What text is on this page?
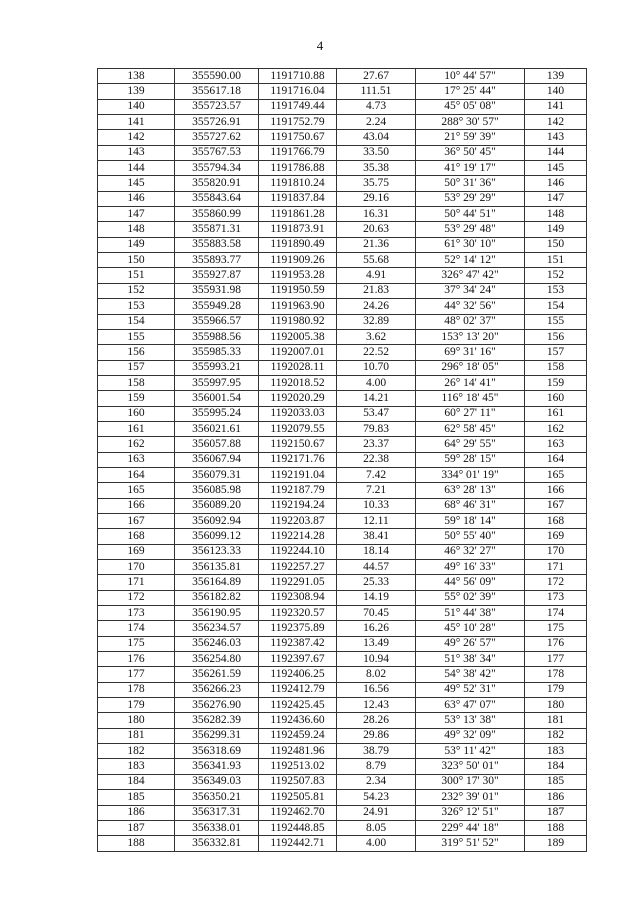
4
138	355590.00	1191710.88	27.67	10° 44' 57"	139
139	355617.18	1191716.04	111.51	17° 25' 44"	140
140	355723.57	1191749.44	4.73	45° 05' 08"	141
141	355726.91	1191752.79	2.24	288° 30' 57"	142
142	355727.62	1191750.67	43.04	21° 59' 39"	143
143	355767.53	1191766.79	33.50	36° 50' 45"	144
144	355794.34	1191786.88	35.38	41° 19' 17"	145
145	355820.91	1191810.24	35.75	50° 31' 36"	146
146	355843.64	1191837.84	29.16	53° 29' 29"	147
147	355860.99	1191861.28	16.31	50° 44' 51"	148
148	355871.31	1191873.91	20.63	53° 29' 48"	149
149	355883.58	1191890.49	21.36	61° 30' 10"	150
150	355893.77	1191909.26	55.68	52° 14' 12"	151
151	355927.87	1191953.28	4.91	326° 47' 42"	152
152	355931.98	1191950.59	21.83	37° 34' 24"	153
153	355949.28	1191963.90	24.26	44° 32' 56"	154
154	355966.57	1191980.92	32.89	48° 02' 37"	155
155	355988.56	1192005.38	3.62	153° 13' 20"	156
156	355985.33	1192007.01	22.52	69° 31' 16"	157
157	355993.21	1192028.11	10.70	296° 18' 05"	158
158	355997.95	1192018.52	4.00	26° 14' 41"	159
159	356001.54	1192020.29	14.21	116° 18' 45"	160
160	355995.24	1192033.03	53.47	60° 27' 11"	161
161	356021.61	1192079.55	79.83	62° 58' 45"	162
162	356057.88	1192150.67	23.37	64° 29' 55"	163
163	356067.94	1192171.76	22.38	59° 28' 15"	164
164	356079.31	1192191.04	7.42	334° 01' 19"	165
165	356085.98	1192187.79	7.21	63° 28' 13"	166
166	356089.20	1192194.24	10.33	68° 46' 31"	167
167	356092.94	1192203.87	12.11	59° 18' 14"	168
168	356099.12	1192214.28	38.41	50° 55' 40"	169
169	356123.33	1192244.10	18.14	46° 32' 27"	170
170	356135.81	1192257.27	44.57	49° 16' 33"	171
171	356164.89	1192291.05	25.33	44° 56' 09"	172
172	356182.82	1192308.94	14.19	55° 02' 39"	173
173	356190.95	1192320.57	70.45	51° 44' 38"	174
174	356234.57	1192375.89	16.26	45° 10' 28"	175
175	356246.03	1192387.42	13.49	49° 26' 57"	176
176	356254.80	1192397.67	10.94	51° 38' 34"	177
177	356261.59	1192406.25	8.02	54° 38' 42"	178
178	356266.23	1192412.79	16.56	49° 52' 31"	179
179	356276.90	1192425.45	12.43	63° 47' 07"	180
180	356282.39	1192436.60	28.26	53° 13' 38"	181
181	356299.31	1192459.24	29.86	49° 32' 09"	182
182	356318.69	1192481.96	38.79	53° 11' 42"	183
183	356341.93	1192513.02	8.79	323° 50' 01"	184
184	356349.03	1192507.83	2.34	300° 17' 30"	185
185	356350.21	1192505.81	54.23	232° 39' 01"	186
186	356317.31	1192462.70	24.91	326° 12' 51"	187
187	356338.01	1192448.85	8.05	229° 44' 18"	188
188	356332.81	1192442.71	4.00	319° 51' 52"	189
